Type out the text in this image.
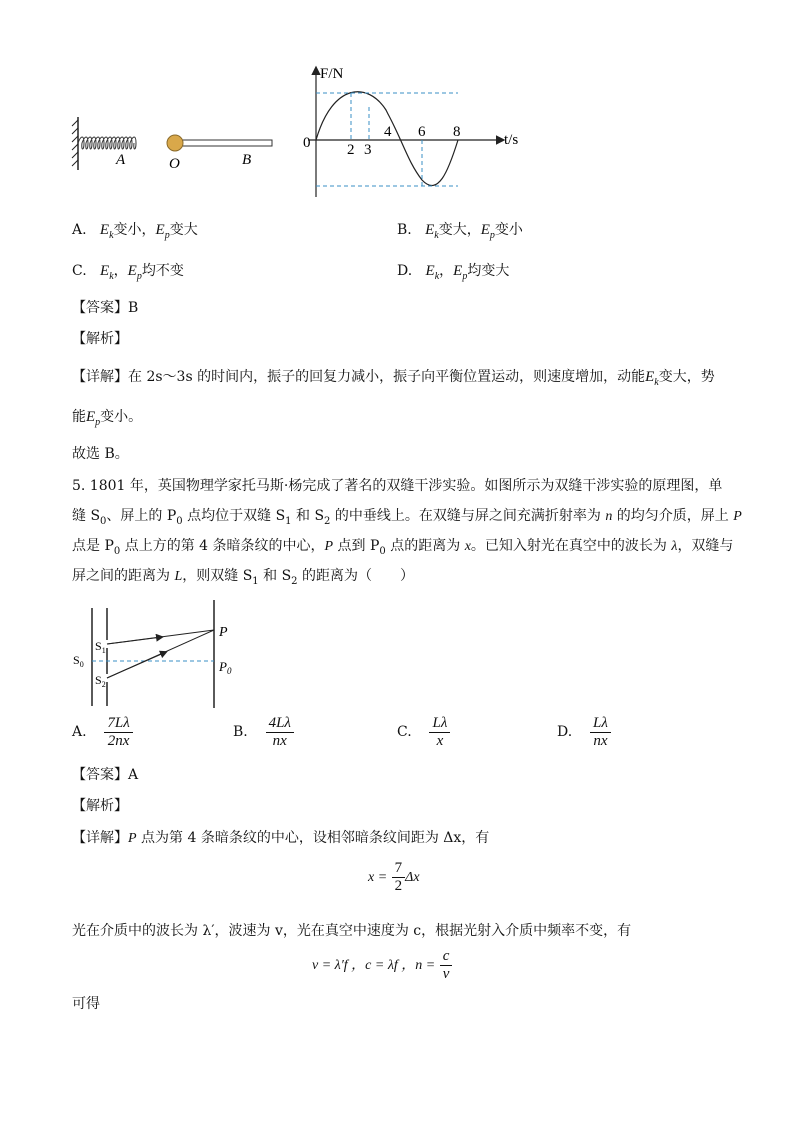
A	O	B
F/N
t/s
0 2 3
4 6 8
A. $E_k$变小，$E_p$变大	B. $E_k$变大，$E_p$变小
C. $E_k$，$E_p$均不变	D. $E_k$，$E_p$均变大
【答案】B
【解析】
【详解】在 2s～3s 的时间内，振子的回复力减小，振子向平衡位置运动，则速度增加，动能$E_k$变大，势
能$E_p$变小。
故选 B。
5. 1801 年，英国物理学家托马斯·杨完成了著名的双缝干涉实验。如图所示为双缝干涉实验的原理图，单
缝 $S_0$、屏上的 $P_0$ 点均位于双缝 $S_1$ 和 $S_2$ 的中垂线上。在双缝与屏之间充满折射率为 n 的均匀介质，屏上 P
点是 $P_0$ 点上方的第 4 条暗条纹的中心，P 点到 $P_0$ 点的距离为 x。已知入射光在真空中的波长为 λ，双缝与
屏之间的距离为 L，则双缝 $S_1$ 和 $S_2$ 的距离为（　　）
P
$P_0$
$S_0$
$S_1$
$S_2$
A. $\frac{7L\lambda}{2nx}$	B. $\frac{4L\lambda}{nx}$	C. $\frac{L\lambda}{x}$	D. $\frac{L\lambda}{nx}$
【答案】A
【解析】
【详解】P 点为第 4 条暗条纹的中心，设相邻暗条纹间距为 Δx，有
$x = \frac{7}{2}$ Δx
光在介质中的波长为 λ′，波速为 v，光在真空中速度为 c，根据光射入介质中频率不变，有
v = λ′f ，c = λf ，$n = \frac{c}{v}$
可得
